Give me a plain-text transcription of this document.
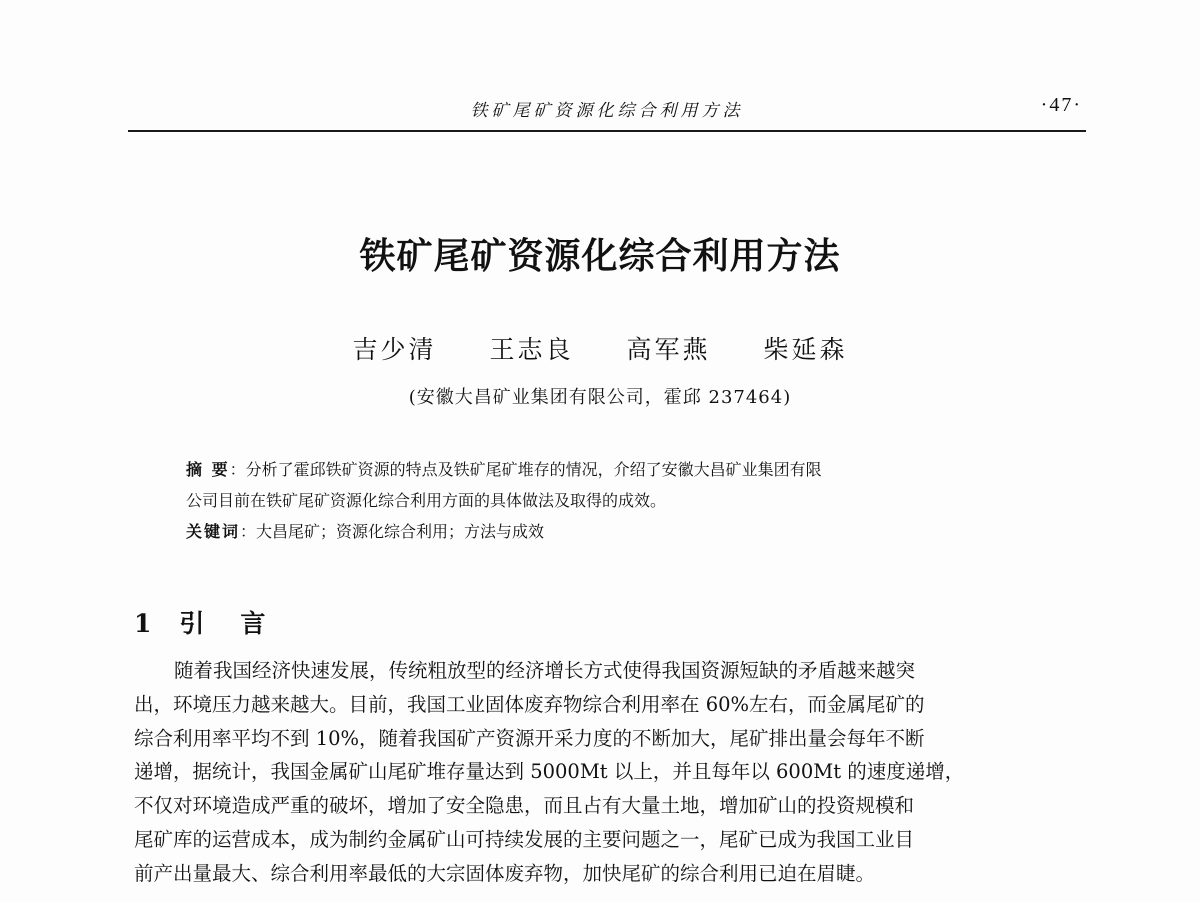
铁矿尾矿资源化综合利用方法	·47·
铁矿尾矿资源化综合利用方法
吉少清 王志良 高军燕 柴延森
(安徽大昌矿业集团有限公司，霍邱 237464)
摘 要：分析了霍邱铁矿资源的特点及铁矿尾矿堆存的情况，介绍了安徽大昌矿业集团有限
公司目前在铁矿尾矿资源化综合利用方面的具体做法及取得的成效。
关键词：大昌尾矿；资源化综合利用；方法与成效
1 引 言
随着我国经济快速发展，传统粗放型的经济增长方式使得我国资源短缺的矛盾越来越突
出，环境压力越来越大。目前，我国工业固体废弃物综合利用率在 60%左右，而金属尾矿的
综合利用率平均不到 10%，随着我国矿产资源开采力度的不断加大，尾矿排出量会每年不断
递增，据统计，我国金属矿山尾矿堆存量达到 5000Mt 以上，并且每年以 600Mt 的速度递增，
不仅对环境造成严重的破坏，增加了安全隐患，而且占有大量土地，增加矿山的投资规模和
尾矿库的运营成本，成为制约金属矿山可持续发展的主要问题之一，尾矿已成为我国工业目
前产出量最大、综合利用率最低的大宗固体废弃物，加快尾矿的综合利用已迫在眉睫。
